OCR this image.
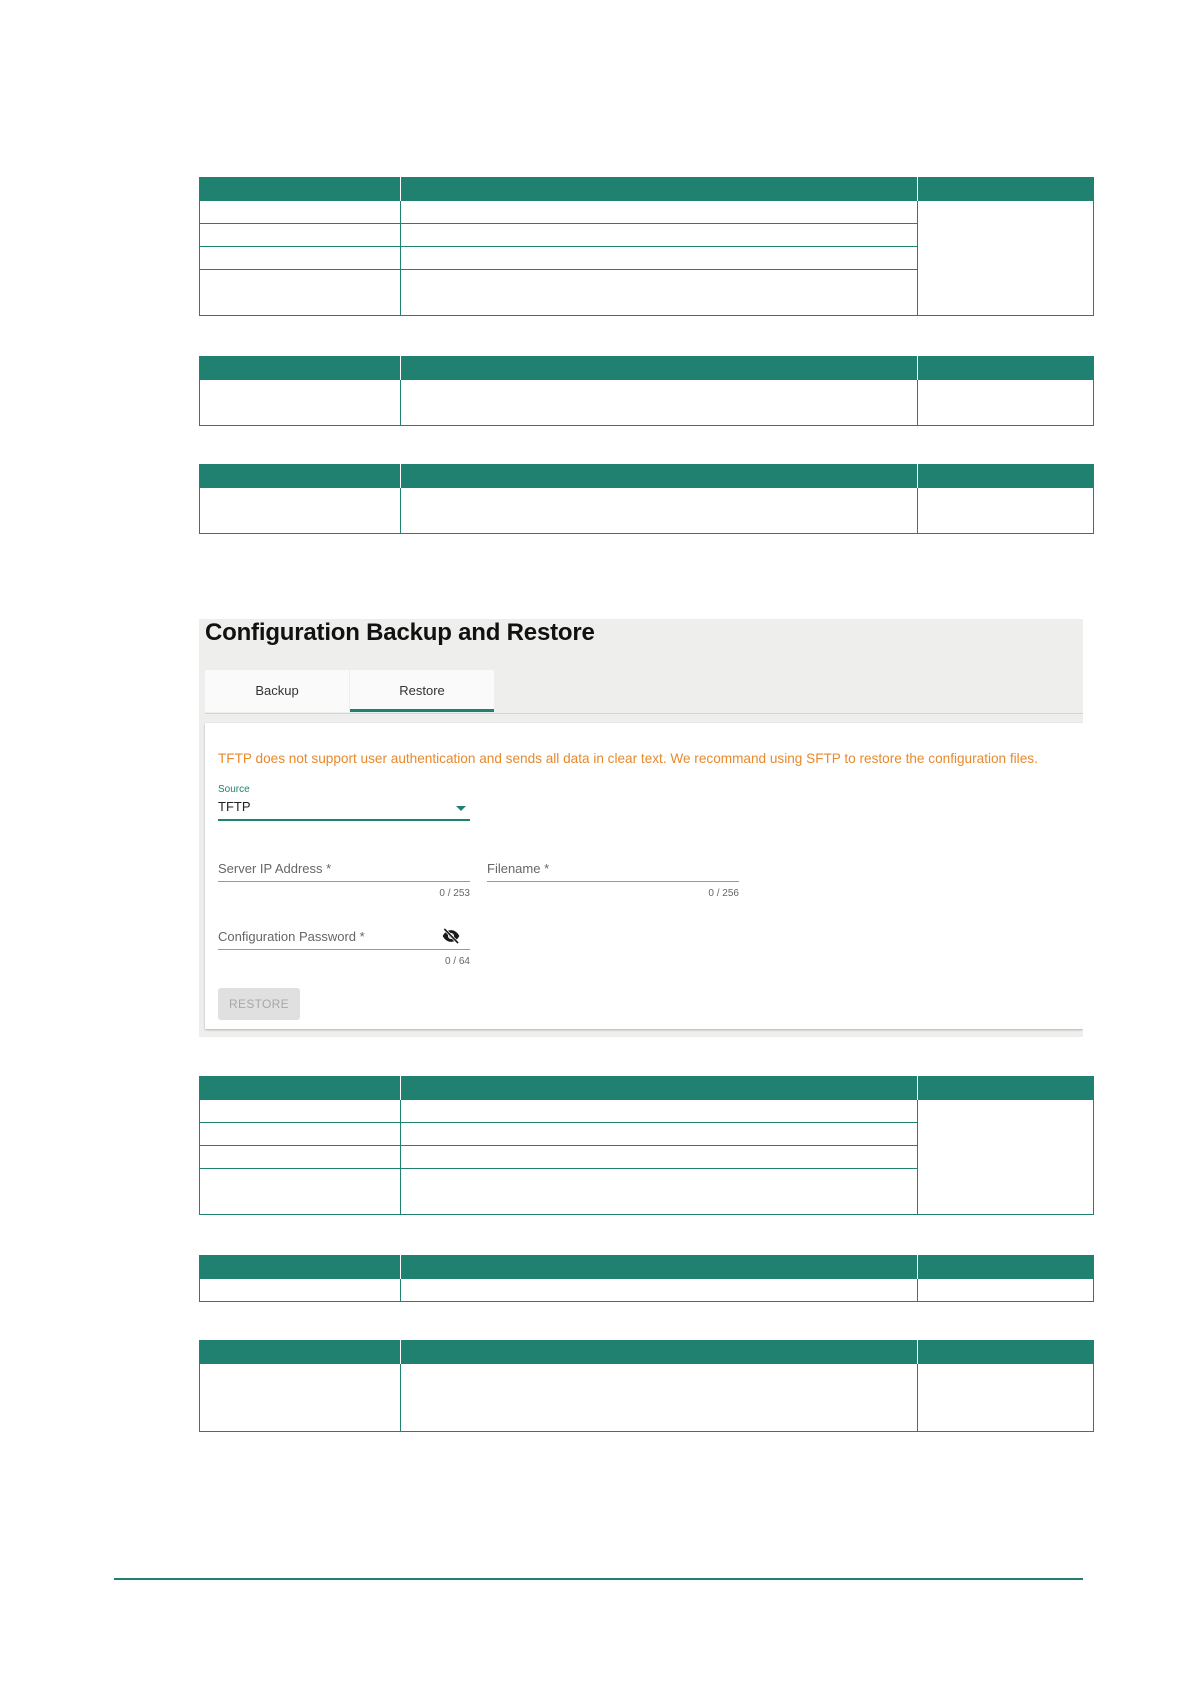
Configuration Backup and Restore
Backup	Restore
TFTP does not support user authentication and sends all data in clear text. We recommand using SFTP to restore the configuration files.
Source
TFTP
Server IP Address *
0 / 253
Filename *
0 / 256
Configuration Password *
0 / 64
RESTORE
